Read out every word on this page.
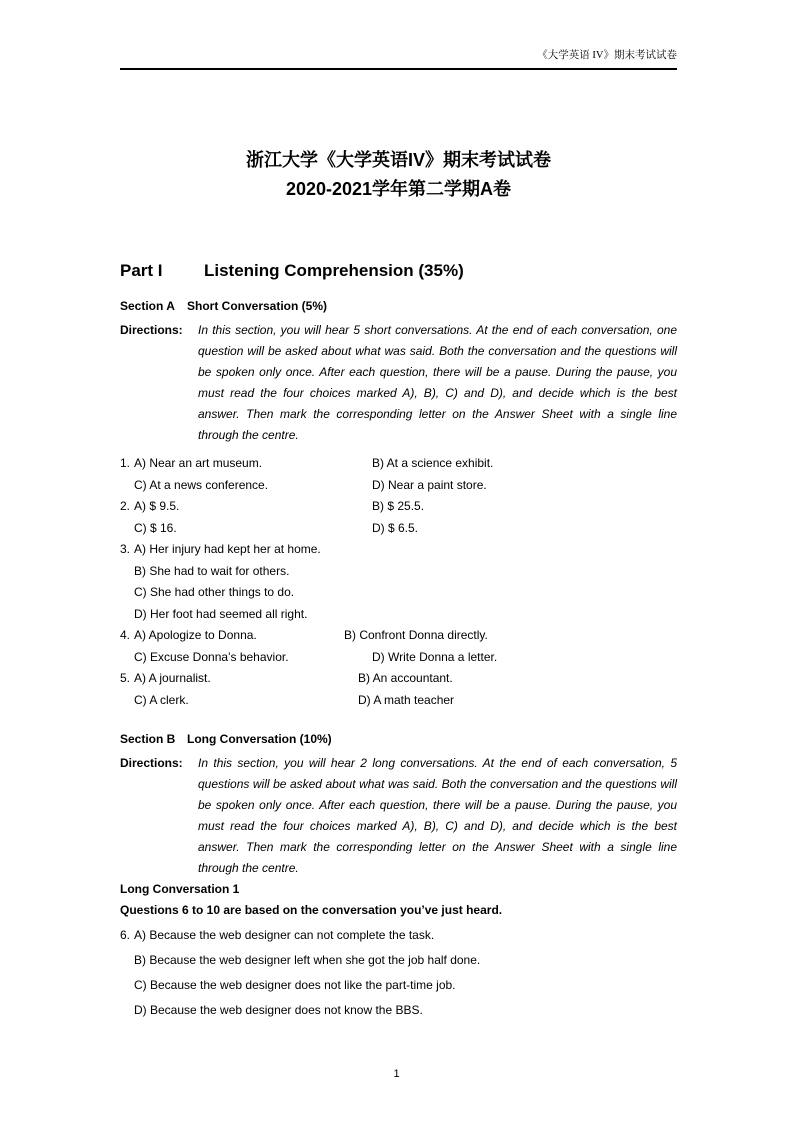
《大学英语 IV》期末考试试卷
浙江大学《大学英语IV》期末考试试卷
2020-2021学年第二学期A卷
Part I Listening Comprehension (35%)
Section A Short Conversation (5%)
Directions:	In this section, you will hear 5 short conversations. At the end of each conversation, one question will be asked about what was said. Both the conversation and the questions will be spoken only once. After each question, there will be a pause. During the pause, you must read the four choices marked A), B), C) and D), and decide which is the best answer. Then mark the corresponding letter on the Answer Sheet with a single line through the centre.
1. A) Near an art museum.	B) At a science exhibit.
C) At a news conference.	D) Near a paint store.
2. A) $ 9.5.	B) $ 25.5.
C) $ 16.	D) $ 6.5.
3. A) Her injury had kept her at home.
B) She had to wait for others.
C) She had other things to do.
D) Her foot had seemed all right.
4. A) Apologize to Donna.	B) Confront Donna directly.
C) Excuse Donna’s behavior.	D) Write Donna a letter.
5. A) A journalist.	B) An accountant.
C) A clerk.	D) A math teacher
Section B Long Conversation (10%)
Directions:	In this section, you will hear 2 long conversations. At the end of each conversation, 5 questions will be asked about what was said. Both the conversation and the questions will be spoken only once. After each question, there will be a pause. During the pause, you must read the four choices marked A), B), C) and D), and decide which is the best answer. Then mark the corresponding letter on the Answer Sheet with a single line through the centre.
Long Conversation 1
Questions 6 to 10 are based on the conversation you’ve just heard.
6. A) Because the web designer can not complete the task.
B) Because the web designer left when she got the job half done.
C) Because the web designer does not like the part-time job.
D) Because the web designer does not know the BBS.
1
